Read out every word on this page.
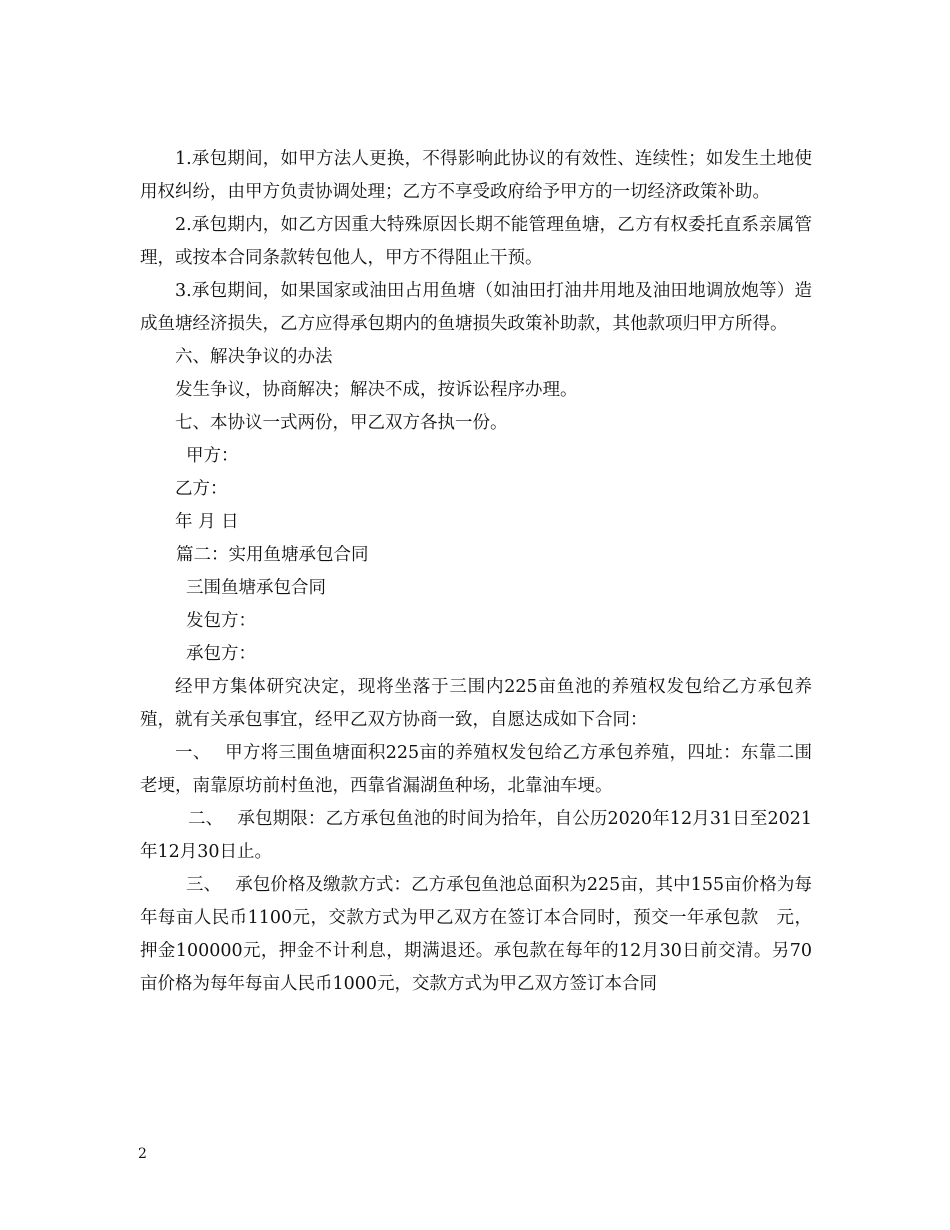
1.承包期间，如甲方法人更换，不得影响此协议的有效性、连续性；如发生土地使用权纠纷，由甲方负责协调处理；乙方不享受政府给予甲方的一切经济政策补助。

2.承包期内，如乙方因重大特殊原因长期不能管理鱼塘，乙方有权委托直系亲属管理，或按本合同条款转包他人，甲方不得阻止干预。

3.承包期间，如果国家或油田占用鱼塘（如油田打油井用地及油田地调放炮等）造成鱼塘经济损失，乙方应得承包期内的鱼塘损失政策补助款，其他款项归甲方所得。

六、解决争议的办法

发生争议，协商解决；解决不成，按诉讼程序办理。

七、本协议一式两份，甲乙双方各执一份。

甲方：

乙方：

年 月 日

篇二：实用鱼塘承包合同

三围鱼塘承包合同

发包方：

承包方：

经甲方集体研究决定，现将坐落于三围内225亩鱼池的养殖权发包给乙方承包养殖，就有关承包事宜，经甲乙双方协商一致，自愿达成如下合同：

一、 甲方将三围鱼塘面积225亩的养殖权发包给乙方承包养殖，四址：东靠二围老埂，南靠原坊前村鱼池，西靠省漏湖鱼种场，北靠油车埂。

二、 承包期限：乙方承包鱼池的时间为拾年，自公历2020年12月31日至2021年12月30日止。

三、 承包价格及缴款方式：乙方承包鱼池总面积为225亩，其中155亩价格为每年每亩人民币1100元，交款方式为甲乙双方在签订本合同时，预交一年承包款　元，押金100000元，押金不计利息，期满退还。承包款在每年的12月30日前交清。另70亩价格为每年每亩人民币1000元，交款方式为甲乙双方签订本合同

2
